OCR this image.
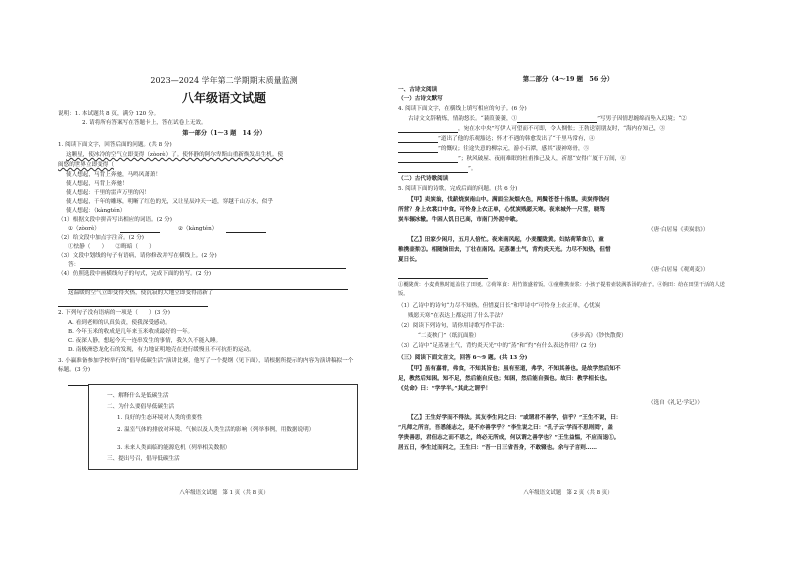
2023—2024 学年第二学期期末质量监测
八年级语文试题
说明：1. 本试题共 8 页，满分 120 分。
2. 请将所有答案写在答题卡上，答在试卷上无效。
第一部分（1～3 题　14 分）
1. 阅读下面文字，回答后面的问题。(共 8 分)
这颗星，使冰冷的空气立即变得（zòorè）了。使怀静的阿尔卑斯山重新焕发出生机。使
闽悠的世界立即变得（
使人想起，马背上奔驰，马鸣风萧萧！
使人想起，马背上奔驰！
使人想起：千里的雷声万里的闪！
使人想起，千年的雕琢，明晰了红色的光，又让星辰冲天一道，穿越千山万水，似乎
使人想起：（kàngtén）
（1）根据文段中拼音写出相应的词语。(2 分)
①（zòorè）	②（kàngtén）
（2）给文段中加点字注音。(2 分)
①怯静（　　）　　②晦暗（　　）
（3）文段中划线的句子有语病，请你修改并写在横线上。(2 分)
答：
（4）仿照选段中画横线句子的句式，完成下面的仿写。(2 分)
这温暖的空气立即变得火热，使沉寂的大地立即变得清新了
2. 下列句子没有语病的一项是（　　）(3 分)
A. 看到老师的认真负责，使我深受感动。
B. 今年玉米的收成是几年来玉米收成最好的一年。
C. 夜深人静，想起今天一连串发生的事情，我久久不能入睡。
D. 南极洲恐龙化石的发现，有力地证明地壳在进行缓慢且不可抗拒的运动。
3. 小赢准备参加学校举行的“倡导低碳生活”演讲比赛，他写了一个提纲（见下面），请根据所提示的内容为演讲稿拟一个标题。(3 分)
一、解释什么是低碳生活
二、为什么要倡导低碳生活
1. 良好的生态环境对人类的重要性
2. 温室气体的排放对环境、气候以及人类生活的影响（列举事例，用数据说明）
3. 未来人类面临的能源危机（列举相关数据）
三、提出号召，倡导低碳生活
八年级语文试题　第 1 页（共 8 页）
第二部分（4～19 题　56 分）
一、古诗文阅读
（一）古诗文默写
4. 阅读下面文字，在横线上填写相应的句子。(6 分)
古诗文文辞精炼，情韵悠长。“蒹葭萋萋，①	”写男子因情思缠绵而坠入幻境；“②
，宛在水中央”写伊人可望而不可即，令人惆怅；王勃送别朋友时，“海内存知己，③
”道出了他的乐观豁达；怀才不遇的韩愈发出了“千里马常有，④
”的慨叹；往途失意的柳宗元，游小石潭，感其“凄神寒骨，⑤
”；秋风破屋、夜雨难眠的杜甫推己及人，祈愿“安得广厦千万间，⑥
”。
（二）古代诗歌阅读
5. 阅读下面的诗歌，完成后面的问题。(共 6 分)
【甲】卖炭翁，伐薪烧炭南山中。满面尘灰烟火色，两鬓苍苍十指黑。卖炭得钱何
所营？身上衣裳口中食。可怜身上衣正单，心忧炭贱愿天寒。夜来城外一尺雪，晓驾
炭车辗冰辙。牛困人饥日已高，市南门外泥中歇。
（唐·白居易《卖炭翁》）
【乙】田家少闲月，五月人倍忙。夜来南风起，小麦覆陇黄。妇姑荷箪食①，童
稚携壶浆②。相随饷田去，丁壮在南冈。足蒸暑土气，背灼炎天光。力尽不知热，但惜
夏日长。
（唐·白居易《观刈麦》）
①覆陇黄：小麦黄熟时遮盖住了田埂。②荷箪食：用竹篮盛着饭。③童稚携壶浆：小孩子提着壶装满茶汤的壶子。④饷田：给在田里干活的人送饭。
（1）乙诗中的诗句“力尽不知热，但惜夏日长”和甲诗中“可怜身上衣正单，心忧炭
贱愿天寒”在表达上都运用了什么手法？
（2）阅读下列诗句，请你用诗歌写作手法：
“二麦秧门”（纸沉面脸）	《步步高》（钞快散费）
（3）乙诗中“足蒸暑土气，背灼炎天光”中的“蒸”和“灼”有什么表达作用？(2 分)
（三）阅读下面文言文，回答 6～9 题。(共 13 分)
【甲】虽有嘉肴，弗食，不知其旨也；虽有至道，弗学，不知其善也。是故学然后知不
足，教然后知困。知不足，然后能自反也；知困，然后能自强也。故曰：教学相长也。
《兑命》曰：“学学半。”其此之谓乎！
（选自《礼记·学记》）
【乙】王生好学而不得法。其友李生问之曰：“或谓君不善学，信乎？”王生不说，曰：
“凡师之所言，吾悉能志之，是不亦善学乎？”李生说之曰：“孔子云‘学而不思则罔’，盖
学贵善思，君但志之而不思之，终必无所成，何以谓之善学也？”王生益愠，不应而退①。
居五日，李生过而问之，王生曰：“吾一日三省吾身，不敢辍也。余与子言则……
八年级语文试题　第 2 页（共 8 页）
